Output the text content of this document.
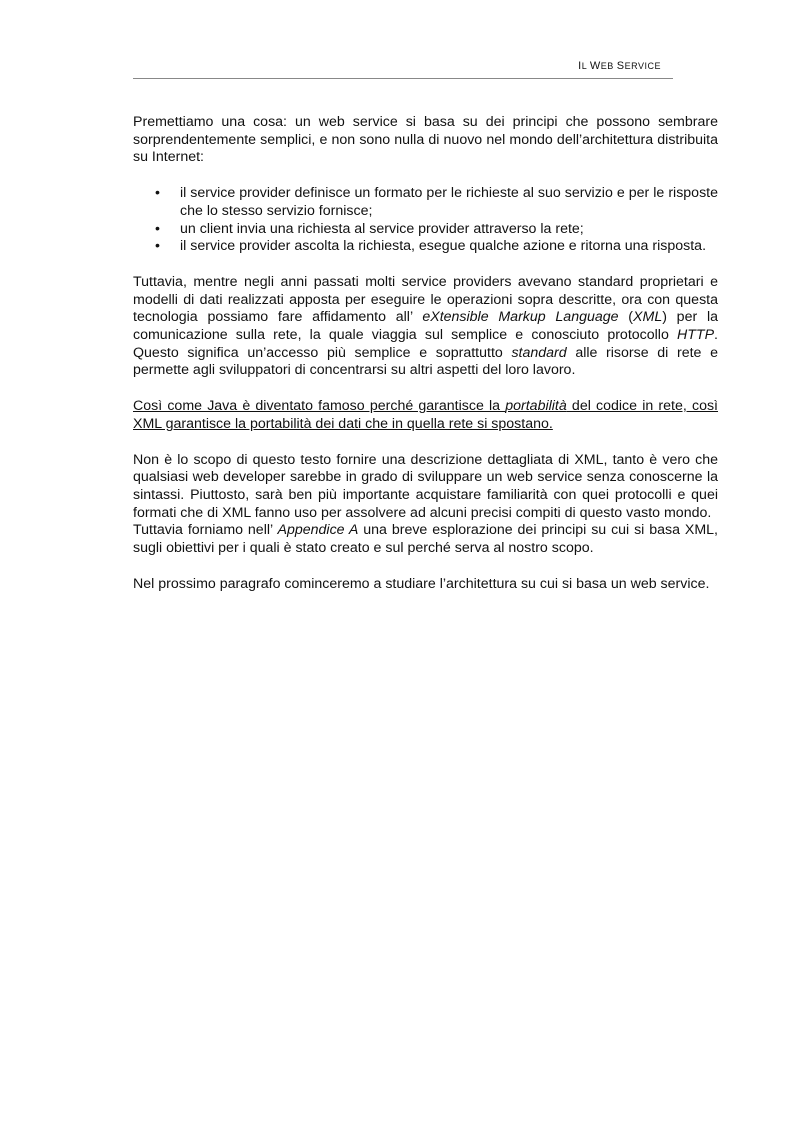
IL WEB SERVICE

Premettiamo una cosa: un web service si basa su dei principi che possono sembrare sorprendentemente semplici, e non sono nulla di nuovo nel mondo dell’architettura distribuita su Internet:

• il service provider definisce un formato per le richieste al suo servizio e per le risposte che lo stesso servizio fornisce;
• un client invia una richiesta al service provider attraverso la rete;
• il service provider ascolta la richiesta, esegue qualche azione e ritorna una risposta.

Tuttavia, mentre negli anni passati molti service providers avevano standard proprietari e modelli di dati realizzati apposta per eseguire le operazioni sopra descritte, ora con questa tecnologia possiamo fare affidamento all’ eXtensible Markup Language (XML) per la comunicazione sulla rete, la quale viaggia sul semplice e conosciuto protocollo HTTP. Questo significa un’accesso più semplice e soprattutto standard alle risorse di rete e permette agli sviluppatori di concentrarsi su altri aspetti del loro lavoro.

Così come Java è diventato famoso perché garantisce la portabilità del codice in rete, così XML garantisce la portabilità dei dati che in quella rete si spostano.

Non è lo scopo di questo testo fornire una descrizione dettagliata di XML, tanto è vero che qualsiasi web developer sarebbe in grado di sviluppare un web service senza conoscerne la sintassi. Piuttosto, sarà ben più importante acquistare familiarità con quei protocolli e quei formati che di XML fanno uso per assolvere ad alcuni precisi compiti di questo vasto mondo.

Tuttavia forniamo nell’ Appendice A una breve esplorazione dei principi su cui si basa XML, sugli obiettivi per i quali è stato creato e sul perché serva al nostro scopo.

Nel prossimo paragrafo cominceremo a studiare l’architettura su cui si basa un web service.
